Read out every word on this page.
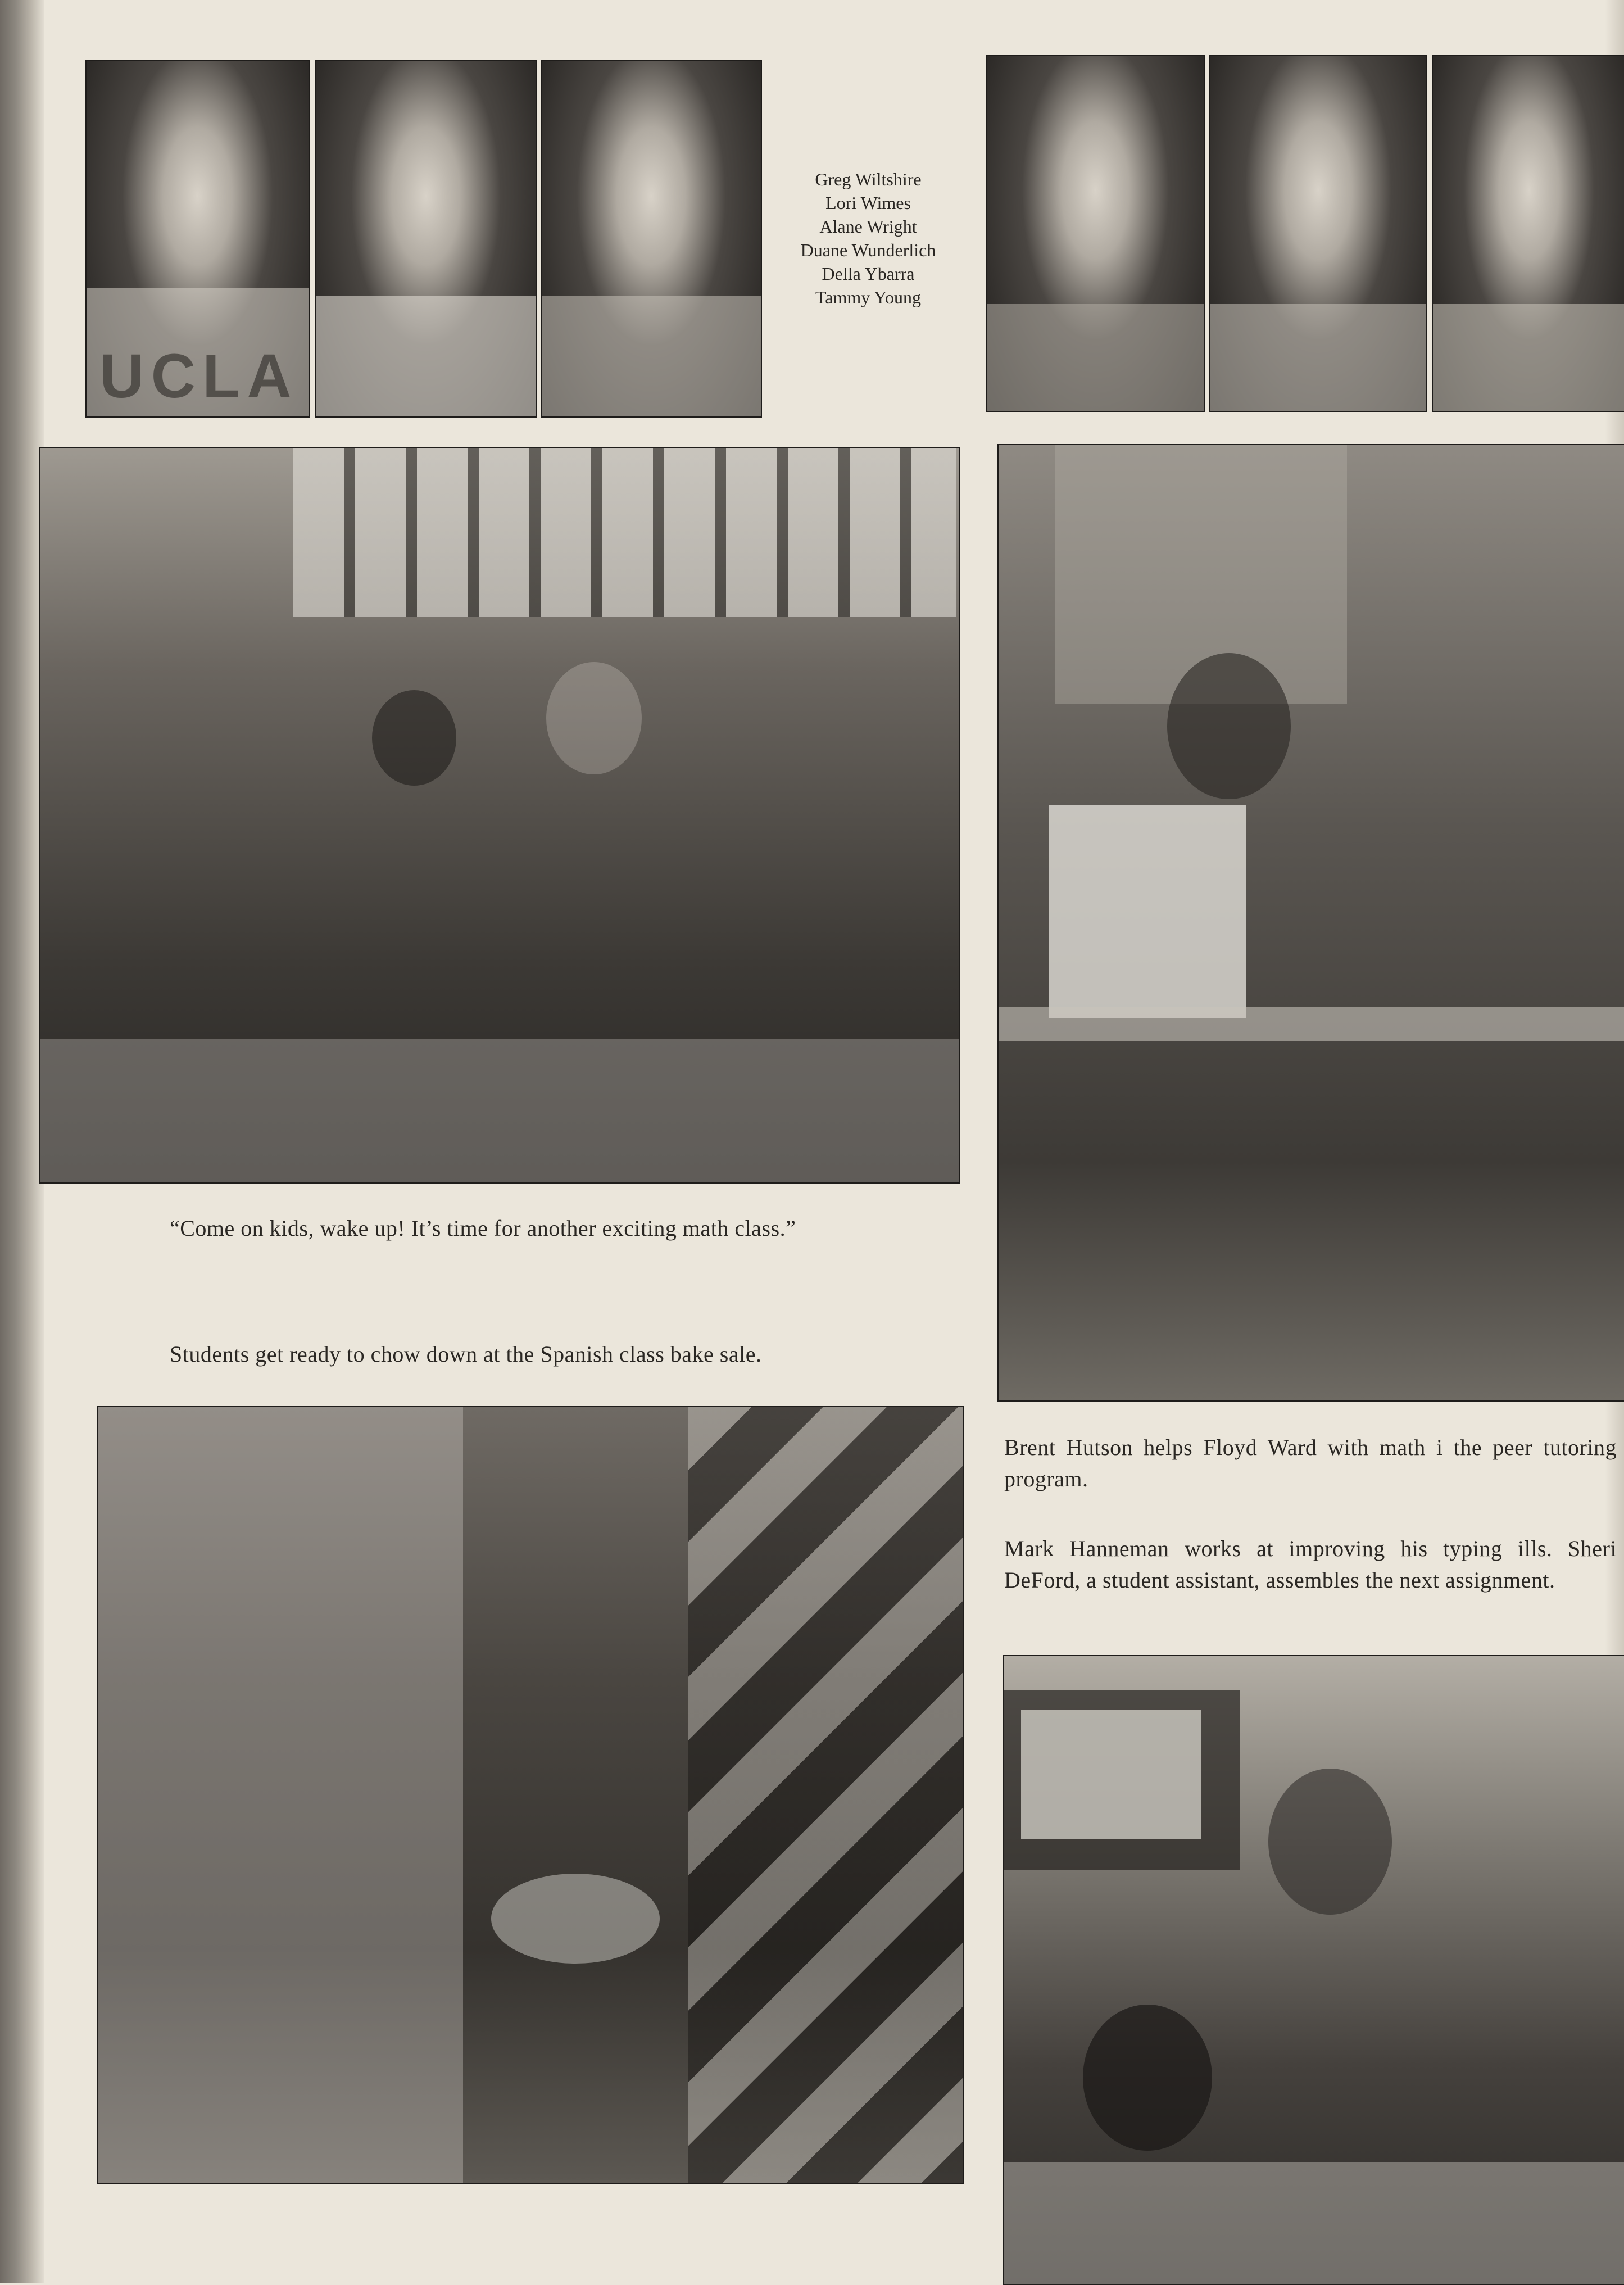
UCLA
Greg Wiltshire
Lori Wimes
Alane Wright
Duane Wunderlich
Della Ybarra
Tammy Young
“Come on kids, wake up! It’s time for another exciting math class.”
Students get ready to chow down at the Spanish class bake sale.
Brent Hutson helps Floyd Ward with math i the peer tutoring program.
Mark Hanneman works at improving his typing ills. Sheri DeFord, a student assistant, assembles the next assignment.
